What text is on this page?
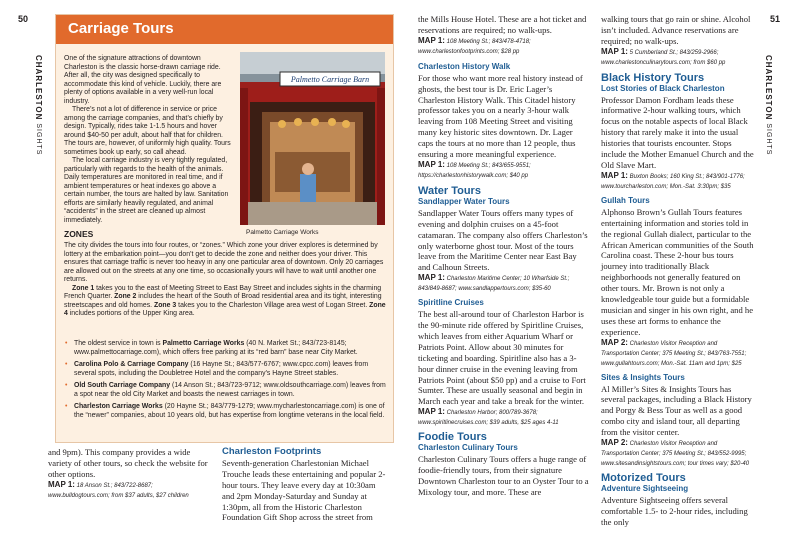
50
CHARLESTON SIGHTS
Carriage Tours

One of the signature attractions of downtown Charleston is the classic horse-drawn carriage ride. After all, the city was designed specifically to accommodate this kind of vehicle. Luckily, there are plenty of options available in a very well-run local industry.

There’s not a lot of difference in service or price among the carriage companies, and that’s chiefly by design. Typically, rides take 1-1.5 hours and hover around $40-50 per adult, about half that for children. The tours are, however, of uniformly high quality. Tours sometimes book up early, so call ahead.

The local carriage industry is very tightly regulated, particularly with regards to the health of the animals. Daily temperatures are monitored in real time, and if ambient temperatures or heat indexes go above a certain number, the tours are halted by law. Sanitation efforts are similarly heavily regulated, and animal “accidents” in the street are cleaned up almost immediately.

Palmetto Carriage Barn
Palmetto Carriage Works
ZONES

The city divides the tours into four routes, or “zones.” Which zone your driver explores is determined by lottery at the embarkation point—you don’t get to decide the zone and neither does your driver. This ensures that carriage traffic is never too heavy in any one particular area of downtown. Only 20 carriages are allowed out on the streets at any one time, so occasionally yours will have to wait until another one returns.

Zone 1 takes you to the east of Meeting Street to East Bay Street and includes sights in the charming French Quarter. Zone 2 includes the heart of the South of Broad residential area and its tight, interesting streetscapes and old homes. Zone 3 takes you to the Charleston Village area west of Logan Street. Zone 4 includes portions of the Upper King area.

• The oldest service in town is Palmetto Carriage Works (40 N. Market St.; 843/723-8145; www.palmettocarriage.com), which offers free parking at its “red barn” base near City Market.
• Carolina Polo & Carriage Company (16 Hayne St.; 843/577-6767; www.cpcc.com) leaves from several spots, including the Doubletree Hotel and the company’s Hayne Street stables.
• Old South Carriage Company (14 Anson St.; 843/723-9712; www.oldsouthcarriage.com) leaves from a spot near the old City Market and boasts the newest carriages in town.
• Charleston Carriage Works (20 Hayne St.; 843/779-1279; www.mycharlestoncarriage.com) is one of the “newer” companies, about 10 years old, but has expertise from longtime veterans in the local field.

and 9pm). This company provides a wide variety of other tours, so check the website for other options.

MAP 1: 18 Anson St.; 843/722-8687; www.bulldogtours.com; from $37 adults, $27 children

Charleston Footprints

Seventh-generation Charlestonian Michael Trouche leads these entertaining and popular 2-hour tours. They leave every day at 10:30am and 2pm Monday-Saturday and Sunday at 1:30pm, all from the Historic Charleston Foundation Gift Shop across the street from

51
CHARLESTON SIGHTS

the Mills House Hotel. These are a hot ticket and reservations are required; no walk-ups.

MAP 1: 108 Meeting St.; 843/478-4718; www.charlestonfootprints.com; $28 pp

Charleston History Walk

For those who want more real history instead of ghosts, the best tour is Dr. Eric Lager’s Charleston History Walk. This Citadel history professor takes you on a nearly 3-hour walk leaving from 108 Meeting Street and visiting many key historic sites downtown. Dr. Lager caps the tours at no more than 12 people, thus ensuring a more meaningful experience.

MAP 1: 108 Meeting St.; 843/655-9551; https://charlestonhistorywalk.com; $40 pp

Water Tours
Sandlapper Water Tours

Sandlapper Water Tours offers many types of evening and dolphin cruises on a 45-foot catamaran. The company also offers Charleston’s only waterborne ghost tour. Most of the tours leave from the Maritime Center near East Bay and Calhoun Streets.

MAP 1: Charleston Maritime Center; 10 Wharfside St.; 843/849-8687; www.sandlappertours.com; $35-60

Spiritline Cruises

The best all-around tour of Charleston Harbor is the 90-minute ride offered by Spiritline Cruises, which leaves from either Aquarium Wharf or Patriots Point. Allow about 30 minutes for ticketing and boarding. Spiritline also has a 3-hour dinner cruise in the evening leaving from Patriots Point (about $50 pp) and a cruise to Fort Sumter. These are usually seasonal and begin in March each year and take a break for the winter.

MAP 1: Charleston Harbor; 800/789-3678; www.spiritlinecruises.com; $39 adults, $25 ages 4-11

Foodie Tours
Charleston Culinary Tours

Charleston Culinary Tours offers a huge range of foodie-friendly tours, from their signature Downtown Charleston tour to an Oyster Tour to a Mixology tour, and more. These are

walking tours that go rain or shine. Alcohol isn’t included. Advance reservations are required; no walk-ups.

MAP 1: 5 Cumberland St.; 843/259-2966; www.charlestonculinarytours.com; from $60 pp

Black History Tours
Lost Stories of Black Charleston

Professor Damon Fordham leads these informative 2-hour walking tours, which focus on the notable aspects of local Black history that rarely make it into the usual histories that tourists encounter. Stops include the Mother Emanuel Church and the Old Slave Mart.

MAP 1: Buxton Books; 160 King St.; 843/901-1776; www.tourcharleston.com; Mon.-Sat. 3:30pm; $35

Gullah Tours

Alphonso Brown’s Gullah Tours features entertaining information and stories told in the regional Gullah dialect, particular to the African American communities of the South Carolina coast. These 2-hour bus tours journey into traditionally Black neighborhoods not generally featured on other tours. Mr. Brown is not only a knowledgeable tour guide but a formidable musician and singer in his own right, and he uses these art forms to enhance the experience.

MAP 2: Charleston Visitor Reception and Transportation Center; 375 Meeting St.; 843/763-7551; www.gullahtours.com; Mon.-Sat. 11am and 1pm; $25

Sites & Insights Tours

Al Miller’s Sites & Insights Tours has several packages, including a Black History and Porgy & Bess Tour as well as a good combo city and island tour, all departing from the visitor center.

MAP 2: Charleston Visitor Reception and Transportation Center; 375 Meeting St.; 843/552-9995; www.sitesandinsightstours.com; tour times vary; $20-40

Motorized Tours
Adventure Sightseeing

Adventure Sightseeing offers several comfortable 1.5- to 2-hour rides, including the only
